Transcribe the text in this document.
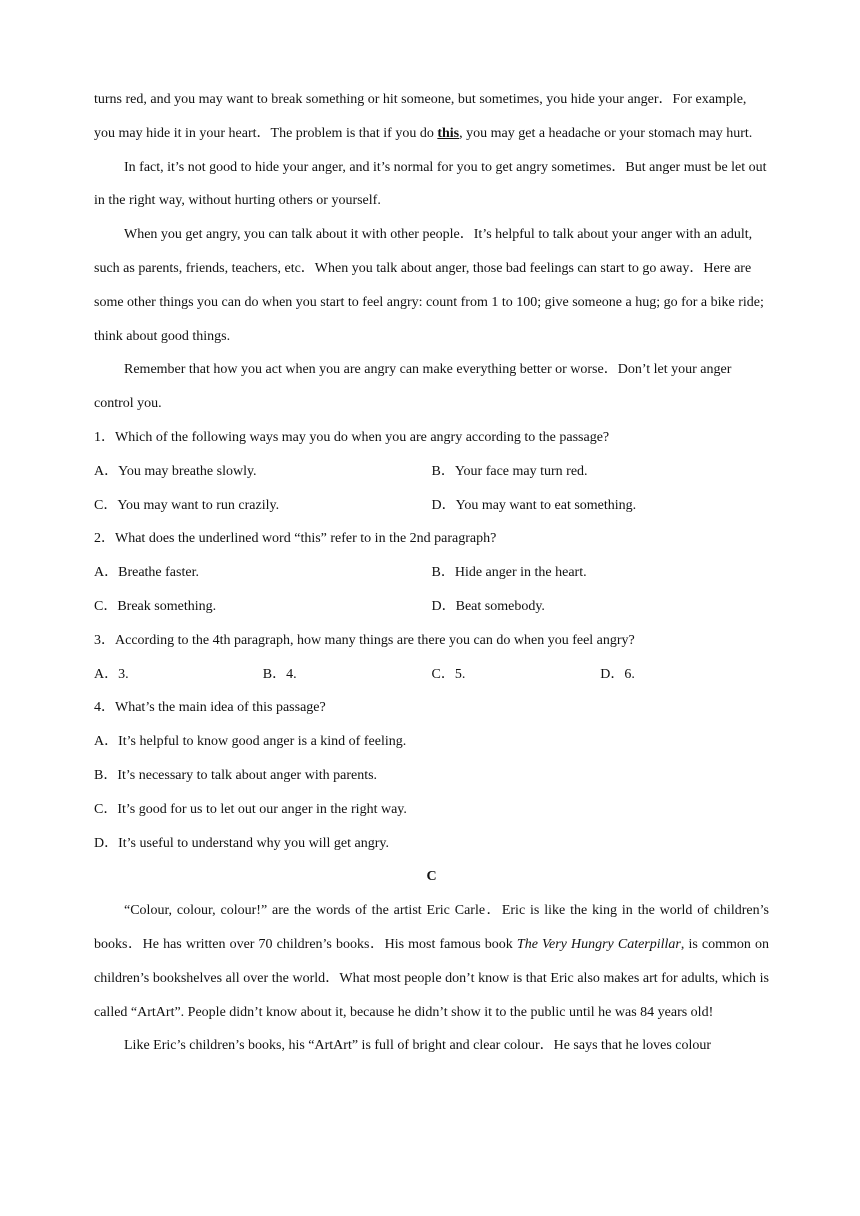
turns red, and you may want to break something or hit someone, but sometimes, you hide your anger．For example, you may hide it in your heart．The problem is that if you do this, you may get a headache or your stomach may hurt.

In fact, it’s not good to hide your anger, and it’s normal for you to get angry sometimes．But anger must be let out in the right way, without hurting others or yourself.

When you get angry, you can talk about it with other people．It’s helpful to talk about your anger with an adult, such as parents, friends, teachers, etc．When you talk about anger, those bad feelings can start to go away．Here are some other things you can do when you start to feel angry: count from 1 to 100; give someone a hug; go for a bike ride; think about good things.

Remember that how you act when you are angry can make everything better or worse．Don’t let your anger control you.

1．Which of the following ways may you do when you are angry according to the passage?

A．You may breathe slowly.	B．Your face may turn red.
C．You may want to run crazily.	D．You may want to eat something.

2．What does the underlined word “this” refer to in the 2nd paragraph?

A．Breathe faster.	B．Hide anger in the heart.
C．Break something.	D．Beat somebody.

3．According to the 4th paragraph, how many things are there you can do when you feel angry?

A．3.	B．4.	C．5.	D．6.

4．What’s the main idea of this passage?

A．It’s helpful to know good anger is a kind of feeling.

B．It’s necessary to talk about anger with parents.

C．It’s good for us to let out our anger in the right way.

D．It’s useful to understand why you will get angry.

C

“Colour, colour, colour!” are the words of the artist Eric Carle．Eric is like the king in the world of children’s books．He has written over 70 children’s books．His most famous book The Very Hungry Caterpillar, is common on children’s bookshelves all over the world．What most people don’t know is that Eric also makes art for adults, which is called “ArtArt”. People didn’t know about it, because he didn’t show it to the public until he was 84 years old!

Like Eric’s children’s books, his “ArtArt” is full of bright and clear colour．He says that he loves colour
